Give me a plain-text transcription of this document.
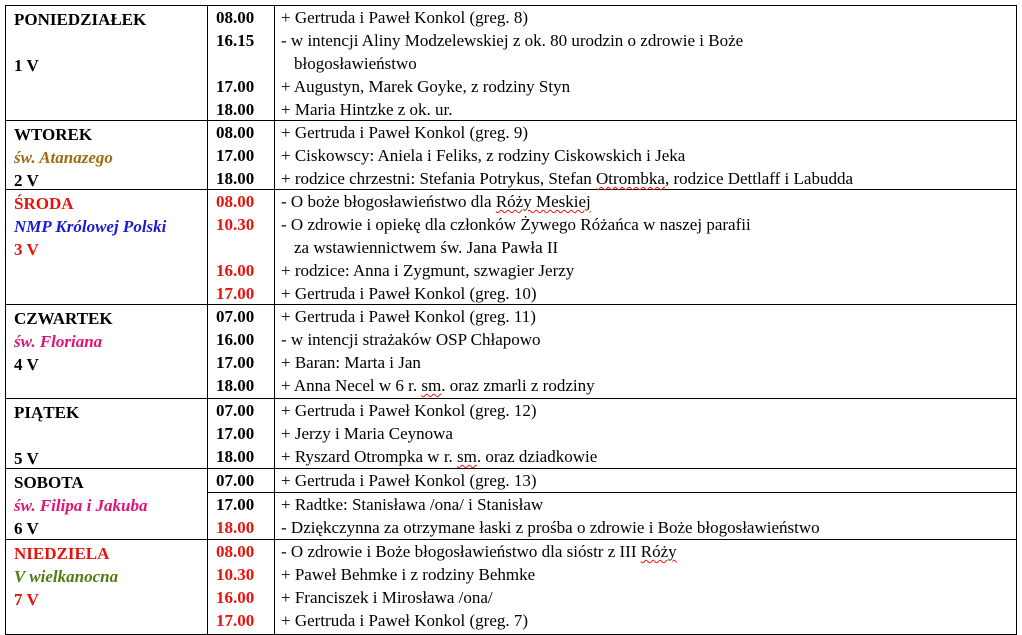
PONIEDZIAŁEK
1 V
08.00
16.15
17.00
18.00
+ Gertruda i Paweł Konkol (greg. 8)
- w intencji Aliny Modzelewskiej z ok. 80 urodzin o zdrowie i Boże
błogosławieństwo
+ Augustyn, Marek Goyke, z rodziny Styn
+ Maria Hintzke z ok. ur.
WTOREK
św. Atanazego
2 V
08.00
17.00
18.00
+ Gertruda i Paweł Konkol (greg. 9)
+ Ciskowscy: Aniela i Feliks, z rodziny Ciskowskich i Jeka
+ rodzice chrzestni: Stefania Potrykus, Stefan Otrombka, rodzice Dettlaff i Labudda
ŚRODA
NMP Królowej Polski
3 V
08.00
10.30
16.00
17.00
- O boże błogosławieństwo dla Róży Meskiej
- O zdrowie i opiekę dla członków Żywego Różańca w naszej parafii
za wstawiennictwem św. Jana Pawła II
+ rodzice: Anna i Zygmunt, szwagier Jerzy
+ Gertruda i Paweł Konkol (greg. 10)
CZWARTEK
św. Floriana
4 V
07.00
16.00
17.00
18.00
+ Gertruda i Paweł Konkol (greg. 11)
- w intencji strażaków OSP Chłapowo
+ Baran: Marta i Jan
+ Anna Necel w 6 r. sm. oraz zmarli z rodziny
PIĄTEK
5 V
07.00
17.00
18.00
+ Gertruda i Paweł Konkol (greg. 12)
+ Jerzy i Maria Ceynowa
+ Ryszard Otrompka w r. sm. oraz dziadkowie
SOBOTA
św. Filipa i Jakuba
6 V
07.00
17.00
18.00
+ Gertruda i Paweł Konkol (greg. 13)
+ Radtke: Stanisława /ona/ i Stanisław
- Dziękczynna za otrzymane łaski z prośba o zdrowie i Boże błogosławieństwo
NIEDZIELA
V wielkanocna
7 V
08.00
10.30
16.00
17.00
- O zdrowie i Boże błogosławieństwo dla sióstr z III Róży
+ Paweł Behmke i z rodziny Behmke
+ Franciszek i Mirosława /ona/
+ Gertruda i Paweł Konkol (greg. 7)
